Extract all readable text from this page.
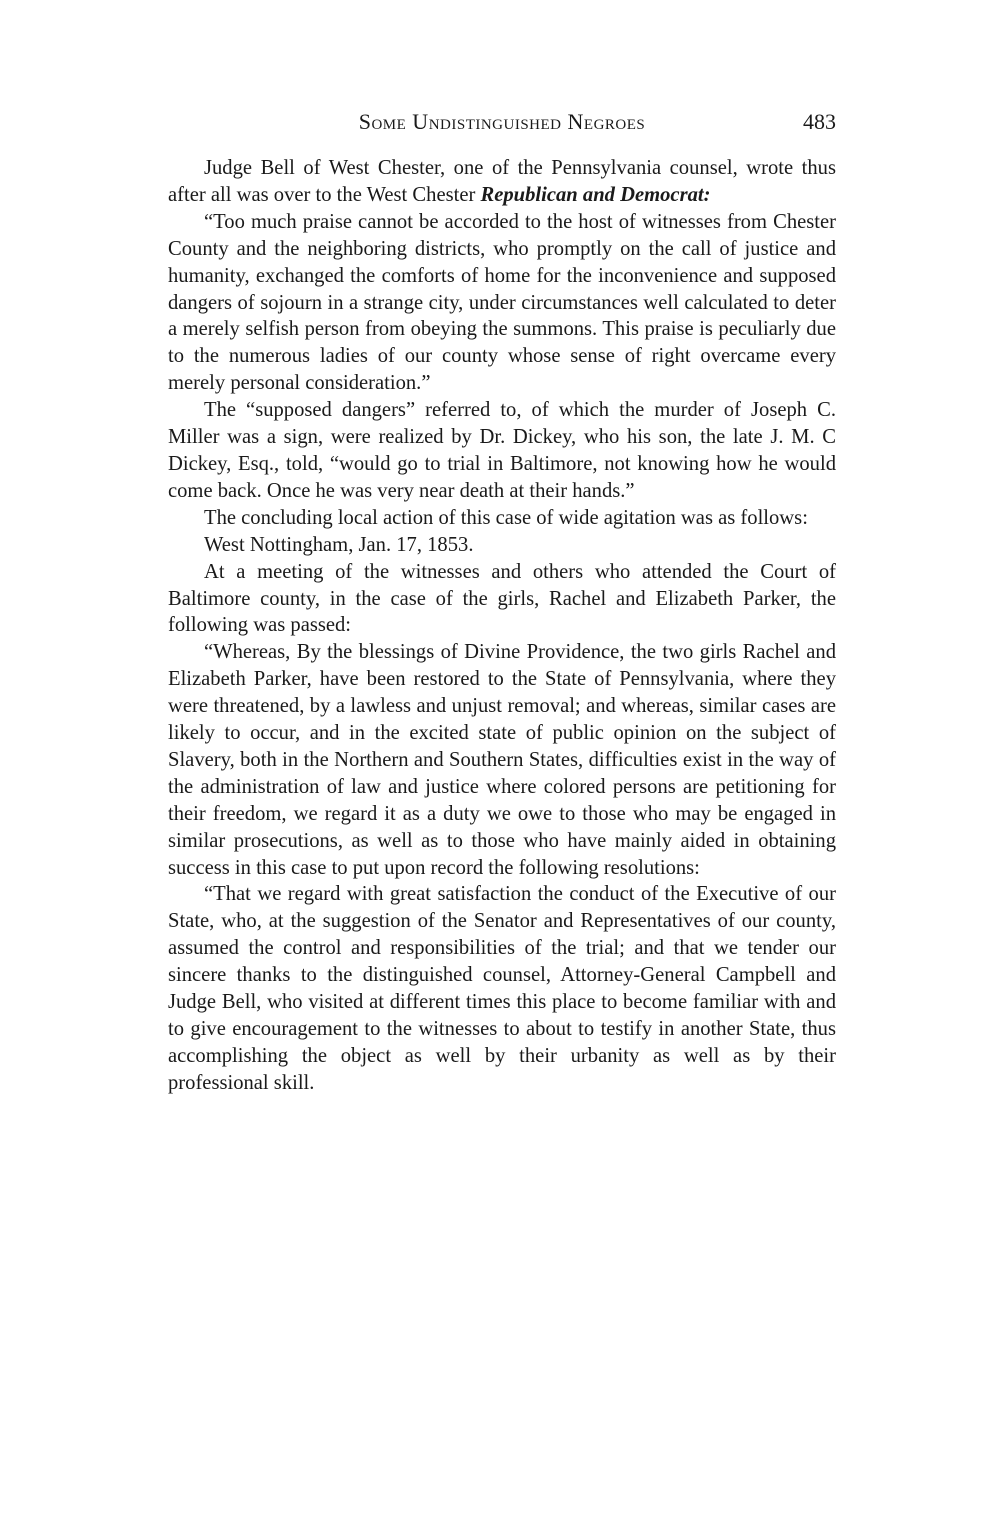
Some Undistinguished Negroes	483

Judge Bell of West Chester, one of the Pennsylvania counsel, wrote thus after all was over to the West Chester Republican and Democrat:

“Too much praise cannot be accorded to the host of witnesses from Chester County and the neighboring districts, who promptly on the call of justice and humanity, exchanged the comforts of home for the inconvenience and supposed dangers of sojourn in a strange city, under circumstances well calculated to deter a merely selfish person from obeying the summons. This praise is peculiarly due to the numerous ladies of our county whose sense of right overcame every merely personal consideration.”

The “supposed dangers” referred to, of which the murder of Joseph C. Miller was a sign, were realized by Dr. Dickey, who his son, the late J. M. C Dickey, Esq., told, “would go to trial in Baltimore, not knowing how he would come back. Once he was very near death at their hands.”

The concluding local action of this case of wide agitation was as follows:

West Nottingham, Jan. 17, 1853.

At a meeting of the witnesses and others who attended the Court of Baltimore county, in the case of the girls, Rachel and Elizabeth Parker, the following was passed:

“Whereas, By the blessings of Divine Providence, the two girls Rachel and Elizabeth Parker, have been restored to the State of Pennsylvania, where they were threatened, by a lawless and unjust removal; and whereas, similar cases are likely to occur, and in the excited state of public opinion on the subject of Slavery, both in the Northern and Southern States, difficulties exist in the way of the administration of law and justice where colored persons are petitioning for their freedom, we regard it as a duty we owe to those who may be engaged in similar prosecutions, as well as to those who have mainly aided in obtaining success in this case to put upon record the following resolutions:

“That we regard with great satisfaction the conduct of the Executive of our State, who, at the suggestion of the Senator and Representatives of our county, assumed the control and responsibilities of the trial; and that we tender our sincere thanks to the distinguished counsel, Attorney-General Campbell and Judge Bell, who visited at different times this place to become familiar with and to give encouragement to the witnesses to about to testify in another State, thus accomplishing the object as well by their urbanity as well as by their professional skill.
